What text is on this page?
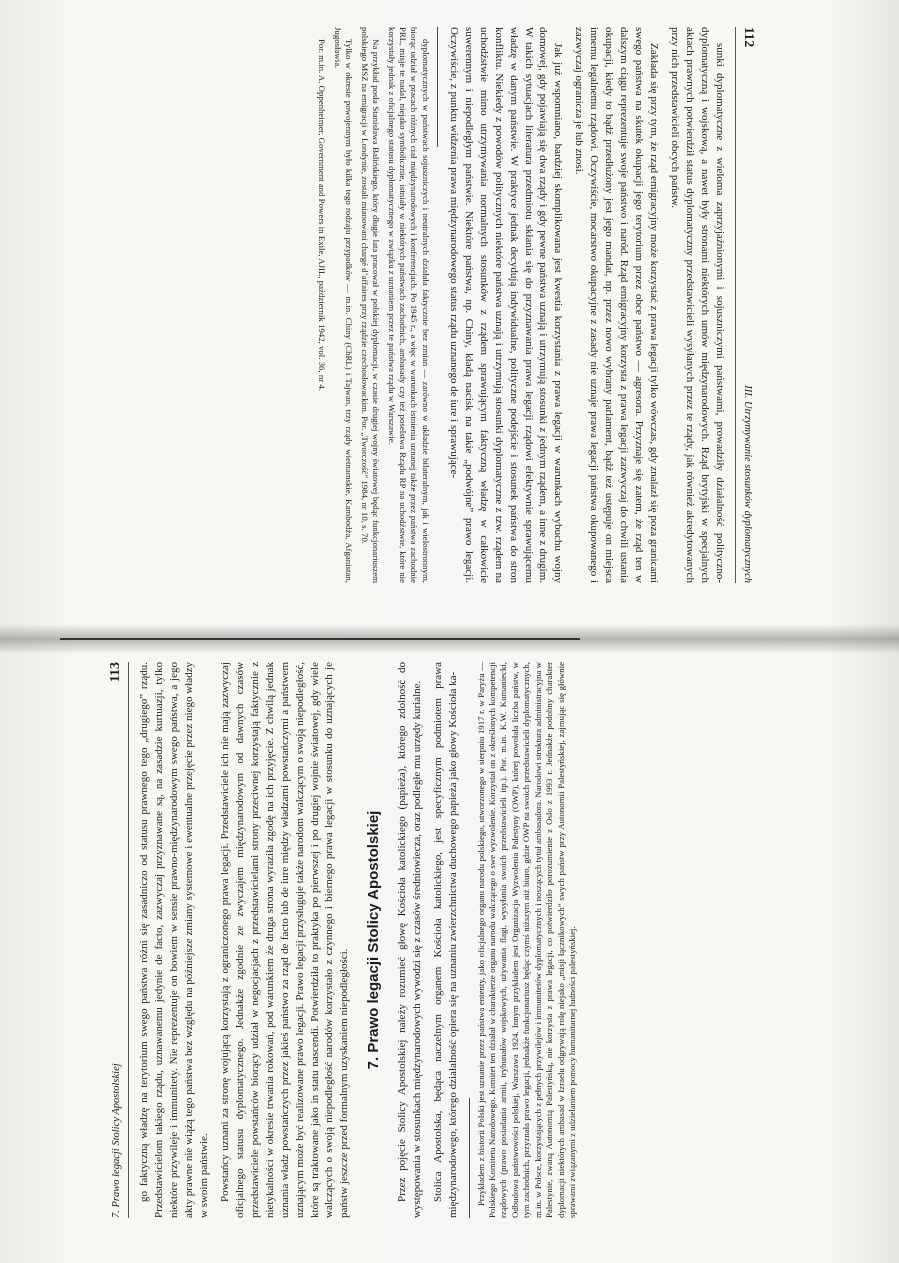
112
III. Utrzymywanie stosunków dyplomatycznych

sunki dyplomatyczne z wieloma zaprzyjaźnionymi i sojuszniczymi państwami, prowadziły działalność polityczno-dyplomatyczną i wojskową, a nawet były stronami niektórych umów międzynarodowych. Rząd brytyjski w specjalnych aktach prawnych potwierdził status dyplomatyczny przedstawicieli wysyłanych przez te rządy, jak również akredytowanych przy nich przedstawicieli obcych państw.

Zakłada się przy tym, że rząd emigracyjny może korzystać z prawa legacji tylko wówczas, gdy znalazł się poza granicami swego państwa na skutek okupacji jego terytorium przez obce państwo — agresora. Przyznaje się zatem, że rząd ten w dalszym ciągu reprezentuje swoje państwo i naród. Rząd emigracyjny korzysta z prawa legacji zazwyczaj do chwili ustania okupacji, kiedy to bądź przedłużony jest jego mandat, np. przez nowo wybrany parlament, bądź też ustępuje on miejsca innemu legalnemu rządowi. Oczywiście, mocarstwo okupacyjne z zasady nie uznaje prawa legacji państwa okupowanego i zazwyczaj ogranicza je lub znosi.

Jak już wspomniano, bardziej skomplikowana jest kwestia korzystania z prawa legacji w warunkach wybuchu wojny domowej, gdy pojawiają się dwa rządy i gdy pewne państwa uznają i utrzymują stosunki z jednym rządem, a inne z drugim. W takich sytuacjach literatura przedmiotu skłania się do przyznawania prawa legacji rządowi efektywnie sprawującemu władzę w danym państwie. W praktyce jednak decydują indywidualne, polityczne podejście i stosunek państwa do stron konfliktu. Niekiedy z powodów politycznych niektóre państwa uznają i utrzymują stosunki dyplomatyczne z tzw. rządem na uchodźstwie mimo utrzymywania normalnych stosunków z rządem sprawującym faktyczną władzę w całkowicie suwerennym i niepodległym państwie. Niektóre państwa, np. Chiny, kładą nacisk na takie „podwójne” prawo legacji. Oczywiście, z punktu widzenia prawa międzynarodowego status rządu uznanego de iure i sprawujące-

dyplomatycznych w państwach sojuszniczych i neutralnych działała faktycznie bez zmian — zarówno w układzie bilateralnym, jak i wielostronnym, biorąc udział w pracach różnych ciał międzynarodowych i konferencjach. Po 1945 r., a więc w warunkach istnienia uznanej także przez państwa zachodnie PRL, misje te nadal, niejako symbolicznie, istniały w niektórych państwach zachodnich, ambasady czy też poselstwa Rządu RP na uchodźstwie, które nie korzystały jednak z oficjalnego statusu dyplomatycznego w związku z uznaniem przez te państwa rządu w Warszawie.

Na przykład posła Stanisława Balińskiego, który długie lata pracował w polskiej dyplomacji, w czasie drugiej wojny światowej będąc funkcjonariuszem polskiego MSZ na emigracji w Londynie, zostali mianowani chargé d’affaires przy rządzie czechosłowackim. Por. „Tworczość” 1984, nr 10, s. 70.

Tylko w okresie powojennym było kilka tego rodzaju przypadków — m.in. Chiny (ChRL) i Tajwan, trzy rządy wietnamskie, Kambodża, Afganistan, Jugosławia.

Por. m.in. A. Oppenheimer, Government and Powers in Exile, AJIL, październik 1942, vol. 36, nr 4.

7. Prawo legacji Stolicy Apostolskiej
113 go faktyczną władzę na terytorium swego państwa różni się zasadniczo od statusu prawnego tego „drugiego” rządu. Przedstawicielom takiego rządu, uznawanemu jedynie de facto, zazwyczaj przyznawane są, na zasadzie kurtuazji, tylko niektóre przywileje i immunitety. Nie reprezentuje on bowiem w sensie prawno-międzynarodowym swego państwa, a jego akty prawne nie wiążą tego państwa bez względu na późniejsze zmiany systemowe i ewentualne przejęcie przez niego władzy w swoim państwie. Powstańcy uznani za stronę wojującą korzystają z ograniczonego prawa legacji. Przedstawiciele ich nie mają zazwyczaj oficjalnego statusu dyplomatycznego. Jednakże zgodnie ze zwyczajem międzynarodowym od dawnych czasów przedstawiciele powstańców biorący udział w negocjacjach z przedstawicielami strony przeciwnej korzystają faktycznie z nietykalności w okresie trwania rokowań, pod warunkiem że druga strona wyraziła zgodę na ich przyjęcie. Z chwilą jednak uznania władz powstańczych przez jakieś państwo za rząd de facto lub de iure między władzami powstańczymi a państwem uznającym może być realizowane prawo legacji. Prawo legacji przysługuje także narodom walczącym o swoją niepodległość, które są traktowane jako in statu nascendi. Potwierdziła to praktyka po pierwszej i po drugiej wojnie światowej, gdy wiele walczących o swoją niepodległość narodów korzystało z czynnego i biernego prawa legacji w stosunku do uznających je państw jeszcze przed formalnym uzyskaniem niepodległości.

7. Prawo legacji Stolicy Apostolskiej Przez pojęcie Stolicy Apostolskiej należy rozumieć głowę Kościoła katolickiego (papieża), którego zdolność do występowania w stosunkach międzynarodowych wywodzi się z czasów średniowiecza, oraz podległe mu urzędy kurialne. Stolica Apostolska, będąca naczelnym organem Kościoła katolickiego, jest specyficznym podmiotem prawa międzynarodowego, którego działalność opiera się na uznaniu zwierzchnictwa duchowego papieża jako głowy Kościoła ka- Przykładem z historii Polski jest uznanie przez państwa ententy, jako oficjalnego organu narodu polskiego, utworzonego w sierpniu 1917 r. w Paryżu — Polskiego Komitetu Narodowego. Komitet ten działał w charakterze organu narodu walczącego o swe wyzwolenie. Korzystał on z określonych kompetencji rządowych (prawo posiadania armii, trybunałów wojskowych, używania flagi, wysyłania swoich przedstawicieli itp.). Por. m.in. K.W. Kumaniecki, Odbudowa państwowości polskiej, Warszawa 1924. Innym przykładem jest Organizacja Wyzwolenia Palestyny (OWP), której powołała liczba państw, w tym zachodnich, przyznała prawo legacji, jednakże funkcjonariusz będąc czymś niższym niż biuro, gdzie OWP na swoich przedstawicieli dyplomatycznych, m.in. w Polsce, korzystających z pełnych przywilejów i immunitetów dyplomatycznych i noszących tytuł ambasadora. Narodowi struktura administracyjna w Palestynie, zwaną Autonomią Palestyńską, nie korzysta z prawa legacji, co potwierdziło porozumienie z Oslo z 1993 r. Jednakże podobny charakter dyplomacji niektórych ambasad w Izraelu odgrywają rolę niejako „misji łącznikowych” swych państw przy Autonomii Palestyńskiej, zajmując się głównie sprawami związanymi z udzielaniem pomocy humanitarnej ludności palestyńskiej.
